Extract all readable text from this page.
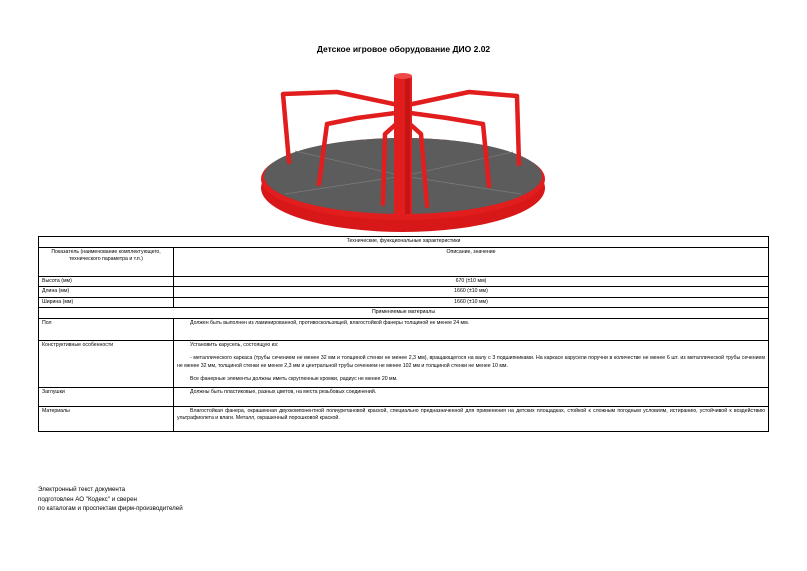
Детское игровое оборудование ДИО 2.02
Технические, функциональные характеристики	
Показатель (наименование комплектующего, технического параметра и т.п.)	Описание, значение
Высота (мм)	670 (±10 мм)
Длина (мм)	1660 (±10 мм)
Ширина (мм)	1660 (±10 мм)
Применяемые материалы	
Пол	Должен быть выполнен из ламинированной, противоскользящей, влагостойкой фанеры толщиной не менее 24 мм.

Конструктивные особенности	Установить карусель, состоящую из:

- металлического каркаса (трубы сечением не менее 32 мм и толщиной стенки не менее 2,3 мм), вращающегося на валу с 3 подшипниками. На каркасе карусели поручни в количестве не менее 6 шт. из металлической трубы сечением не менее 32 мм, толщиной стенки не менее 2,3 мм и центральной трубы сечением не менее 102 мм и толщиной стенки не менее 10 мм.

Все фанерные элементы должны иметь скругленные кромки, радиус не менее 20 мм.

Заглушки	Должны быть пластиковые, разных цветов, на места резьбовых соединений.

Материалы	Влагостойкая фанера, окрашенная двухкомпонентной полиуретановой краской, специально предназначенной для применения на детских площадках, стойкой к сложным погодным условиям, истиранию, устойчивой к воздействию ультрафиолета и влаги. Металл, окрашенный порошковой краской.

Электронный текст документа
подготовлен АО "Кодекс" и сверен
по каталогам и проспектам фирм-производителей
